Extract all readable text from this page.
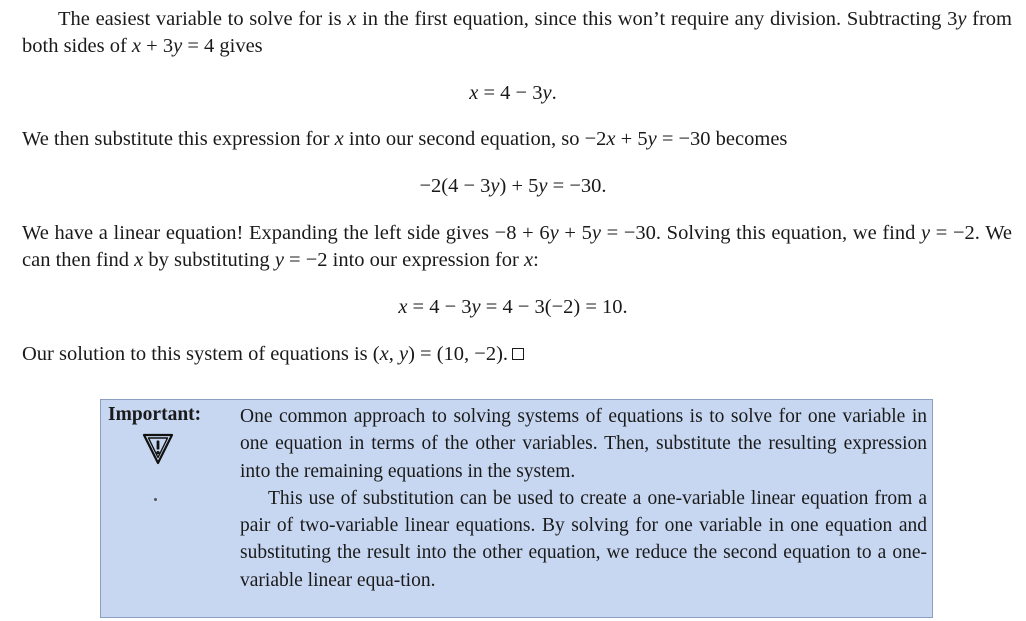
The easiest variable to solve for is x in the first equation, since this won’t require any division. Subtracting 3y from both sides of x + 3y = 4 gives
x = 4 − 3y.
We then substitute this expression for x into our second equation, so −2x + 5y = −30 becomes
−2(4 − 3y) + 5y = −30.
We have a linear equation! Expanding the left side gives −8 + 6y + 5y = −30. Solving this equation, we find y = −2. We can then find x by substituting y = −2 into our expression for x:
x = 4 − 3y = 4 − 3(−2) = 10.
Our solution to this system of equations is (x, y) = (10, −2).
Important: One common approach to solving systems of equations is to solve for one variable in one equation in terms of the other variables. Then, substitute the resulting expression into the remaining equations in the system.
This use of substitution can be used to create a one-variable linear equation from a pair of two-variable linear equations. By solving for one variable in one equation and substituting the result into the other equation, we reduce the second equation to a one-variable linear equa-tion.
